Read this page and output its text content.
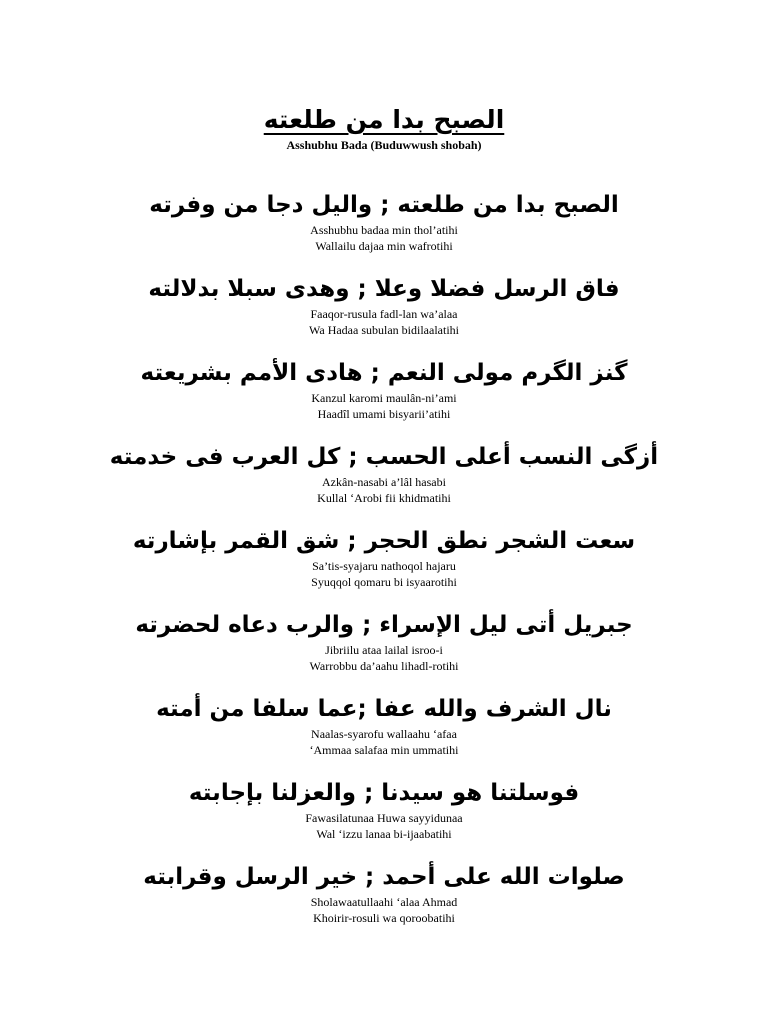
الصبح بدا من طلعته
Asshubhu Bada (Buduwwush shobah)
الصبح بدا من طلعته ; والیل دجا من وفرته
Asshubhu badaa min thol’atihi
Wallailu dajaa min wafrotihi
فاق الرسل فضلا وعلا ; وهدى سبلا بدلالته
Faaqor-rusula fadl-lan wa’alaa
Wa Hadaa subulan bidilaalatihi
گنز الگرم مولی النعم ; هادی الأمم بشریعته
Kanzul karomi maulân-ni’ami
Haadîl umami bisyarii’atihi
أزگی النسب أعلی الحسب ; كل العرب فی خدمته
Azkân-nasabi a’lâl hasabi
Kullal ‘Arobi fii khidmatihi
سعت الشجر نطق الحجر ; شق القمر بإشارته
Sa’tis-syajaru nathoqol hajaru
Syuqqol qomaru bi isyaarotihi
جبریل أتی لیل الإسراء ; والرب دعاه لحضرته
Jibriilu ataa lailal isroo-i
Warrobbu da’aahu lihadl-rotihi
نال الشرف والله عفا ;عما سلفا من أمته
Naalas-syarofu wallaahu ‘afaa
‘Ammaa salafaa min ummatihi
فوسلتنا هو سیدنا ; والعزلنا بإجابته
Fawasilatunaa Huwa sayyidunaa
Wal ‘izzu lanaa bi-ijaabatihi
صلوات الله علی أحمد ; خیر الرسل وقرابته
Sholawaatullaahi ‘alaa Ahmad
Khoirir-rosuli wa qoroobatihi
